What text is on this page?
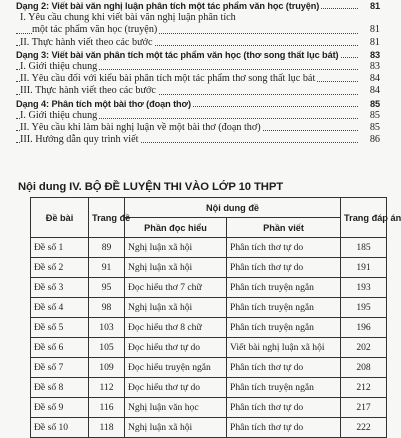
Dạng 2: Viết bài văn nghị luận phân tích một tác phẩm văn học (truyện)	81
I. Yêu cầu chung khi viết bài văn nghị luận phân tích
một tác phẩm văn học (truyện)	81
II. Thực hành viết theo các bước	81
Dạng 3: Viết bài văn phân tích một tác phẩm văn học (thơ song thất lục bát)	83
I. Giới thiệu chung	83
II. Yêu cầu đối với kiểu bài phân tích một tác phẩm thơ song thất lục bát	84
III. Thực hành viết theo các bước	84
Dạng 4: Phân tích một bài thơ (đoạn thơ)	85
I. Giới thiệu chung	85
II. Yêu cầu khi làm bài nghị luận về một bài thơ (đoạn thơ)	85
III. Hướng dẫn quy trình viết	86
Nội dung IV. BỘ ĐỀ LUYỆN THI VÀO LỚP 10 THPT
Đề bài	Trang đề	Nội dung đề		Trang đáp án
		Phần đọc hiểu	Phần viết	
Đề số 1	89	Nghị luận xã hội	Phân tích thơ tự do	185
Đề số 2	91	Nghị luận xã hội	Phân tích thơ tự do	191
Đề số 3	95	Đọc hiểu thơ 7 chữ	Phân tích truyện ngắn	193
Đề số 4	98	Nghị luận xã hội	Phân tích truyện ngắn	195
Đề số 5	103	Đọc hiểu thơ 8 chữ	Phân tích truyện ngắn	196
Đề số 6	105	Đọc hiểu thơ tự do	Viết bài nghị luận xã hội	202
Đề số 7	109	Đọc hiểu truyện ngắn	Phân tích thơ tự do	208
Đề số 8	112	Đọc hiểu thơ tự do	Phân tích truyện ngắn	212
Đề số 9	116	Nghị luận văn học	Phân tích thơ tự do	217
Đề số 10	118	Nghị luận xã hội	Phân tích thơ tự do	222
